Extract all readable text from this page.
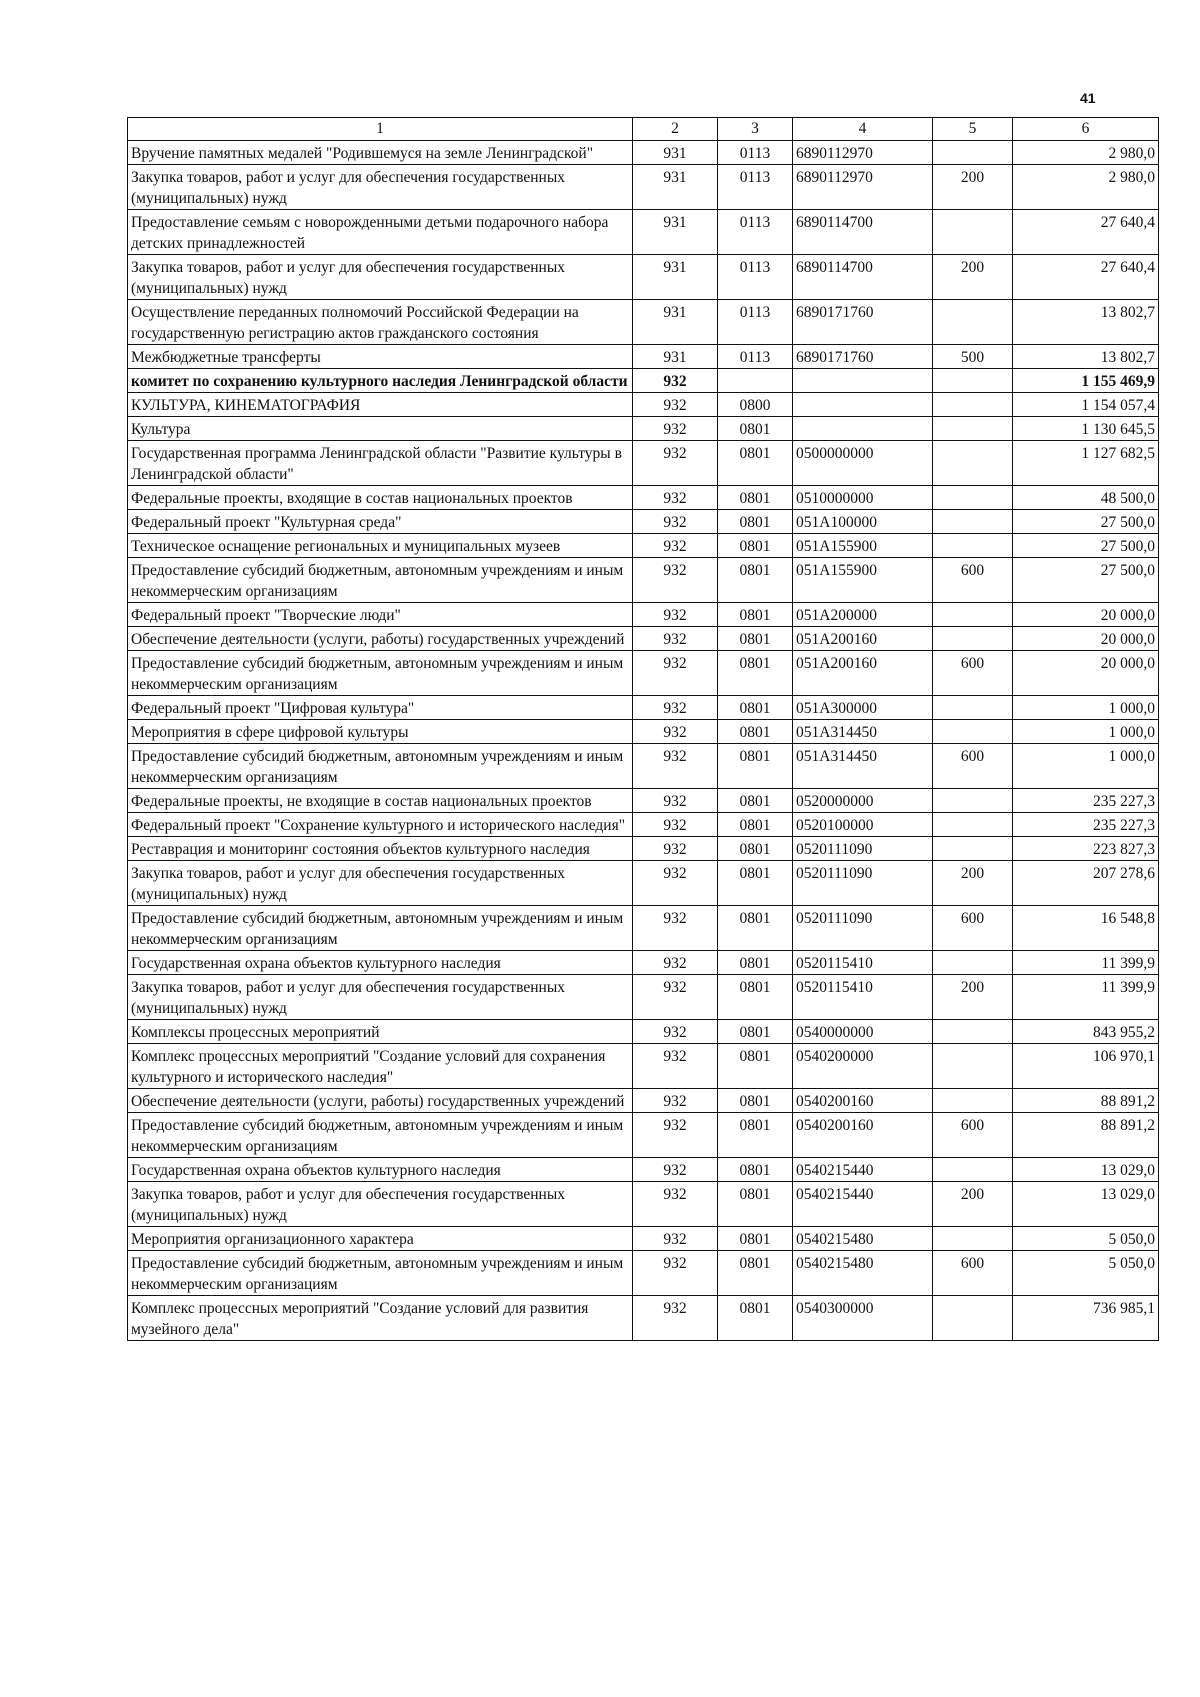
41
1	2	3	4	5	6
Вручение памятных медалей "Родившемуся на земле Ленинградской"	931	0113	6890112970		2 980,0
Закупка товаров, работ и услуг для обеспечения государственных (муниципальных) нужд	931	0113	6890112970	200	2 980,0
Предоставление семьям с новорожденными детьми подарочного набора детских принадлежностей	931	0113	6890114700		27 640,4
Закупка товаров, работ и услуг для обеспечения государственных (муниципальных) нужд	931	0113	6890114700	200	27 640,4
Осуществление переданных полномочий Российской Федерации на государственную регистрацию актов гражданского состояния	931	0113	6890171760		13 802,7
Межбюджетные трансферты	931	0113	6890171760	500	13 802,7
комитет по сохранению культурного наследия Ленинградской области	932				1 155 469,9
КУЛЬТУРА, КИНЕМАТОГРАФИЯ	932	0800			1 154 057,4
Культура	932	0801			1 130 645,5
Государственная программа Ленинградской области "Развитие культуры в Ленинградской области"	932	0801	0500000000		1 127 682,5
Федеральные проекты, входящие в состав национальных проектов	932	0801	0510000000		48 500,0
Федеральный проект "Культурная среда"	932	0801	051A100000		27 500,0
Техническое оснащение региональных и муниципальных музеев	932	0801	051A155900		27 500,0
Предоставление субсидий бюджетным, автономным учреждениям и иным некоммерческим организациям	932	0801	051A155900	600	27 500,0
Федеральный проект "Творческие люди"	932	0801	051A200000		20 000,0
Обеспечение деятельности (услуги, работы) государственных учреждений	932	0801	051A200160		20 000,0
Предоставление субсидий бюджетным, автономным учреждениям и иным некоммерческим организациям	932	0801	051A200160	600	20 000,0
Федеральный проект "Цифровая культура"	932	0801	051A300000		1 000,0
Мероприятия в сфере цифровой культуры	932	0801	051A314450		1 000,0
Предоставление субсидий бюджетным, автономным учреждениям и иным некоммерческим организациям	932	0801	051A314450	600	1 000,0
Федеральные проекты, не входящие в состав национальных проектов	932	0801	0520000000		235 227,3
Федеральный проект "Сохранение культурного и исторического наследия"	932	0801	0520100000		235 227,3
Реставрация и мониторинг состояния объектов культурного наследия	932	0801	0520111090		223 827,3
Закупка товаров, работ и услуг для обеспечения государственных (муниципальных) нужд	932	0801	0520111090	200	207 278,6
Предоставление субсидий бюджетным, автономным учреждениям и иным некоммерческим организациям	932	0801	0520111090	600	16 548,8
Государственная охрана объектов культурного наследия	932	0801	0520115410		11 399,9
Закупка товаров, работ и услуг для обеспечения государственных (муниципальных) нужд	932	0801	0520115410	200	11 399,9
Комплексы процессных мероприятий	932	0801	0540000000		843 955,2
Комплекс процессных мероприятий "Создание условий для сохранения культурного и исторического наследия"	932	0801	0540200000		106 970,1
Обеспечение деятельности (услуги, работы) государственных учреждений	932	0801	0540200160		88 891,2
Предоставление субсидий бюджетным, автономным учреждениям и иным некоммерческим организациям	932	0801	0540200160	600	88 891,2
Государственная охрана объектов культурного наследия	932	0801	0540215440		13 029,0
Закупка товаров, работ и услуг для обеспечения государственных (муниципальных) нужд	932	0801	0540215440	200	13 029,0
Мероприятия организационного характера	932	0801	0540215480		5 050,0
Предоставление субсидий бюджетным, автономным учреждениям и иным некоммерческим организациям	932	0801	0540215480	600	5 050,0
Комплекс процессных мероприятий "Создание условий для развития музейного дела"	932	0801	0540300000		736 985,1
